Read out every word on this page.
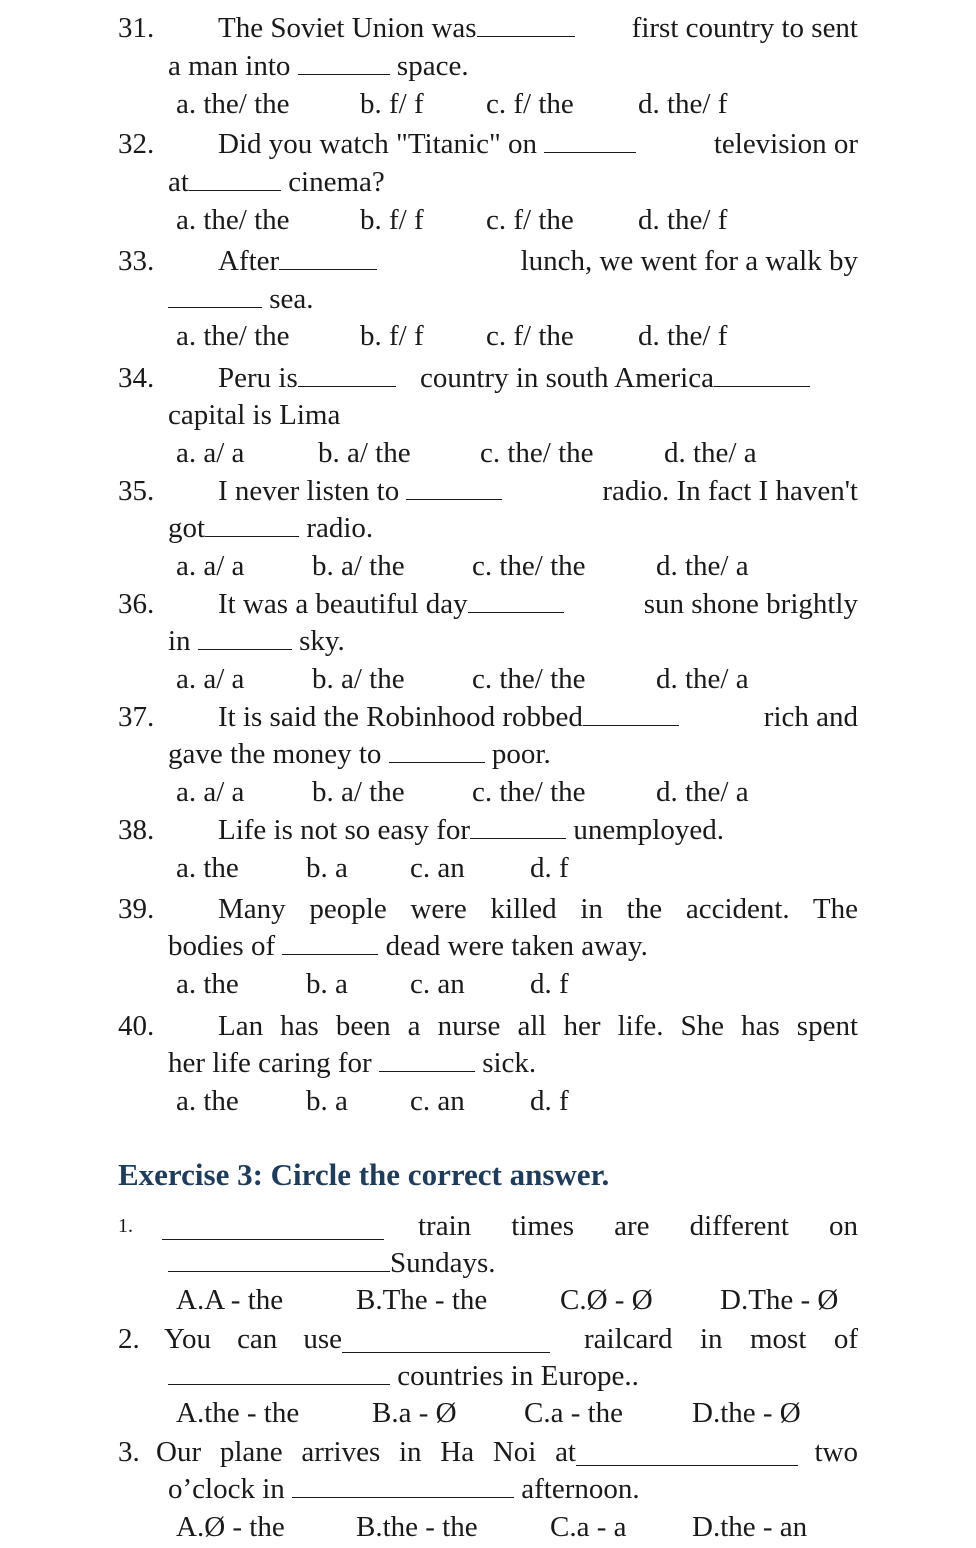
31. The Soviet Union was	first country to sent
a man into	space.
a. the/ the b. f/ f c. f/ the d. the/ f
32. Did you watch "Titanic" on	television or
at	cinema?
a. the/ the b. f/ f c. f/ the d. the/ f
33. After	lunch, we went for a walk by
sea.
a. the/ the b. f/ f c. f/ the d. the/ f
34. Peru is	country in south America
capital is Lima
a. a/ a	b. a/ the c. the/ the d. the/ a
35. I never listen to	radio. In fact I haven't
got	radio.
a. a/ a b. a/ the c. the/ the d. the/ a
36. It was a beautiful day	sun shone brightly
in	sky.
a. a/ a b. a/ the c. the/ the d. the/ a
37. It is said the Robinhood robbed	rich and
gave the money to	poor.
a. a/ a b. a/ the c. the/ the d. the/ a
38. Life is not so easy for	unemployed.
a. the b. a c. an d. f
39. Many people were killed in the accident. The
bodies of	dead were taken away.
a. the b. a c. an d. f
40. Lan has been a nurse all her life. She has spent
her life caring for	sick.
a. the b. a c. an d. f
Exercise 3: Circle the correct answer.
1.	train times are different on
Sundays.
A.A - the	B.The - the	C.Ø - Ø D.The - Ø
2. You can use	railcard in most of
countries in Europe..
A.the - the	B.a - Ø C.a - the D.the - Ø
3. Our plane arrives in Ha Noi at	two
o’clock in	afternoon.
A.Ø - the B.the - the C.a - a D.the - an
